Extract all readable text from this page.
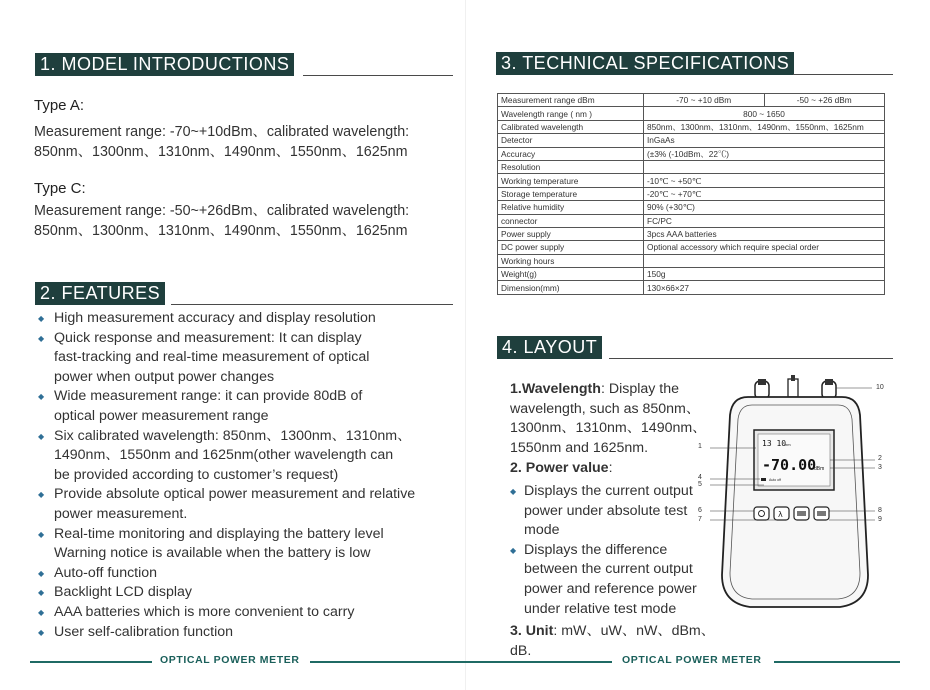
1. MODEL INTRODUCTIONS
Type A:
Measurement range: -70~+10dBm、calibrated wavelength:
850nm、1300nm、1310nm、1490nm、1550nm、1625nm
Type C:
Measurement range: -50~+26dBm、calibrated wavelength:
850nm、1300nm、1310nm、1490nm、1550nm、1625nm
2. FEATURES
◆ High measurement accuracy and display resolution
◆ Quick response and measurement: It can display
fast-tracking and real-time measurement of optical
power when output power changes
◆ Wide measurement range: it can provide 80dB of
optical power measurement range
◆ Six calibrated wavelength: 850nm、1300nm、1310nm、
1490nm、1550nm and 1625nm(other wavelength can
be provided according to customer’s request)
◆ Provide absolute optical power measurement and relative
power measurement.
◆ Real-time monitoring and displaying the battery level
Warning notice is available when the battery is low
◆ Auto-off function
◆ Backlight LCD display
◆ AAA batteries which is more convenient to carry
◆ User self-calibration function
3. TECHNICAL SPECIFICATIONS
Measurement range dBm	-70 ~ +10 dBm	-50 ~ +26 dBm
Wavelength range ( nm )	800 ~ 1650	
Calibrated wavelength	850nm、1300nm、1310nm、1490nm、1550nm、1625nm	
Detector	InGaAs	
Accuracy	(±3% (-10dBm、22℃)	
Resolution		
Working temperature	-10℃ ~ +50℃	
Storage temperature	-20℃ ~ +70℃	
Relative humidity	90% (+30℃)	
connector	FC/PC	
Power supply	3pcs AAA batteries	
DC power supply	Optional accessory which require special order	
Working hours		
Weight(g)	150g	
Dimension(mm)	130×66×27	
4. LAYOUT
1.Wavelength: Display the
wavelength, such as 850nm、
1300nm、1310nm、1490nm、
1550nm and 1625nm.
2. Power value:
◆ Displays the current output
power under absolute test
mode
◆ Displays the difference
between the current output
power and reference power
under relative test mode
3. Unit: mW、uW、nW、dBm、dB.
13 10
nm
-70.00
dBm
Auto off
λ
1
2
3
4
5
6
7
8
9
10
OPTICAL POWER METER	OPTICAL POWER METER
